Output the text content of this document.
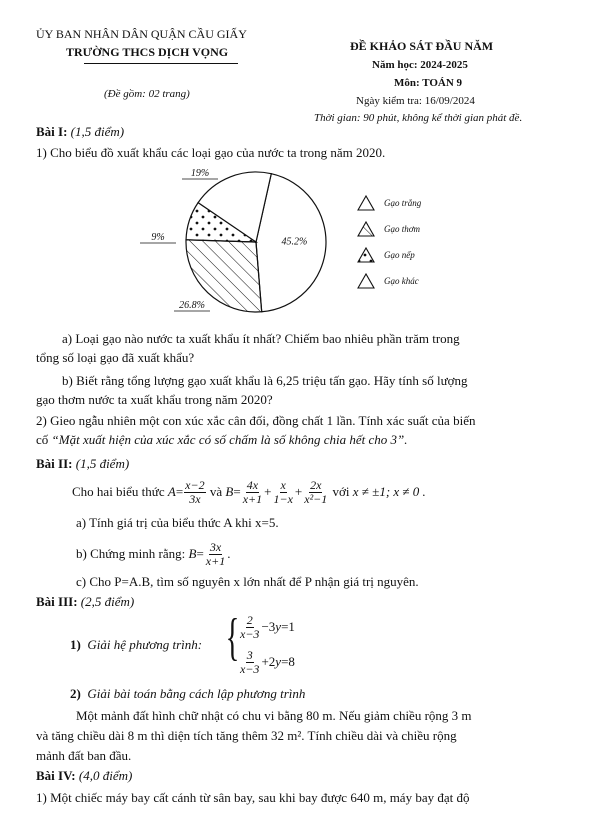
ỦY BAN NHÂN DÂN QUẬN CẦU GIẤY
TRƯỜNG THCS DỊCH VỌNG
(Đề gồm: 02 trang)
ĐỀ KHẢO SÁT ĐẦU NĂM
Năm học: 2024-2025
Môn: TOÁN 9
Ngày kiểm tra: 16/09/2024
Thời gian: 90 phút, không kể thời gian phát đề.
Bài I: (1,5 điểm)
1) Cho biểu đồ xuất khẩu các loại gạo của nước ta trong năm 2020.
45.2%
26.8%
9%
19%
Gạo trắng
Gạo thơm
Gạo nếp
Gạo khác
a) Loại gạo nào nước ta xuất khẩu ít nhất? Chiếm bao nhiêu phần trăm trong
tổng số loại gạo đã xuất khẩu?
b) Biết rằng tổng lượng gạo xuất khẩu là 6,25 triệu tấn gạo. Hãy tính số lượng
gạo thơm nước ta xuất khẩu trong năm 2020?
2) Gieo ngẫu nhiên một con xúc xắc cân đối, đồng chất 1 lần. Tính xác suất của biến
cố “Mặt xuất hiện của xúc xắc có số chấm là số không chia hết cho 3”.
Bài II: (1,5 điểm)
Cho hai biểu thức
$A = \frac{x-2}{3x}$
và
$B = \frac{4x}{x+1} + \frac{x}{1-x} + \frac{2x}{\text{x²−1}}$
với
x ≠ ±1; x ≠ 0 .
a) Tính giá trị của biểu thức A khi x=5.
b) Chứng minh rằng:
$B = \frac{3x}{x+1}$ .
c) Cho P=A.B, tìm số nguyên x lớn nhất để P nhận giá trị nguyên.
Bài III: (2,5 điểm)
1)  Giải hệ phương trình: { $\frac{2}{x-3} -3$ y =1
$\frac{3}{x-3} +2$ y =8
2) Giải bài toán bằng cách lập phương trình
Một mảnh đất hình chữ nhật có chu vi bằng 80 m. Nếu giảm chiều rộng 3 m
và tăng chiều dài 8 m thì diện tích tăng thêm 32 m². Tính chiều dài và chiều rộng
mảnh đất ban đầu.
Bài IV: (4,0 điểm)
1) Một chiếc máy bay cất cánh từ sân bay, sau khi bay được 640 m, máy bay đạt độ
